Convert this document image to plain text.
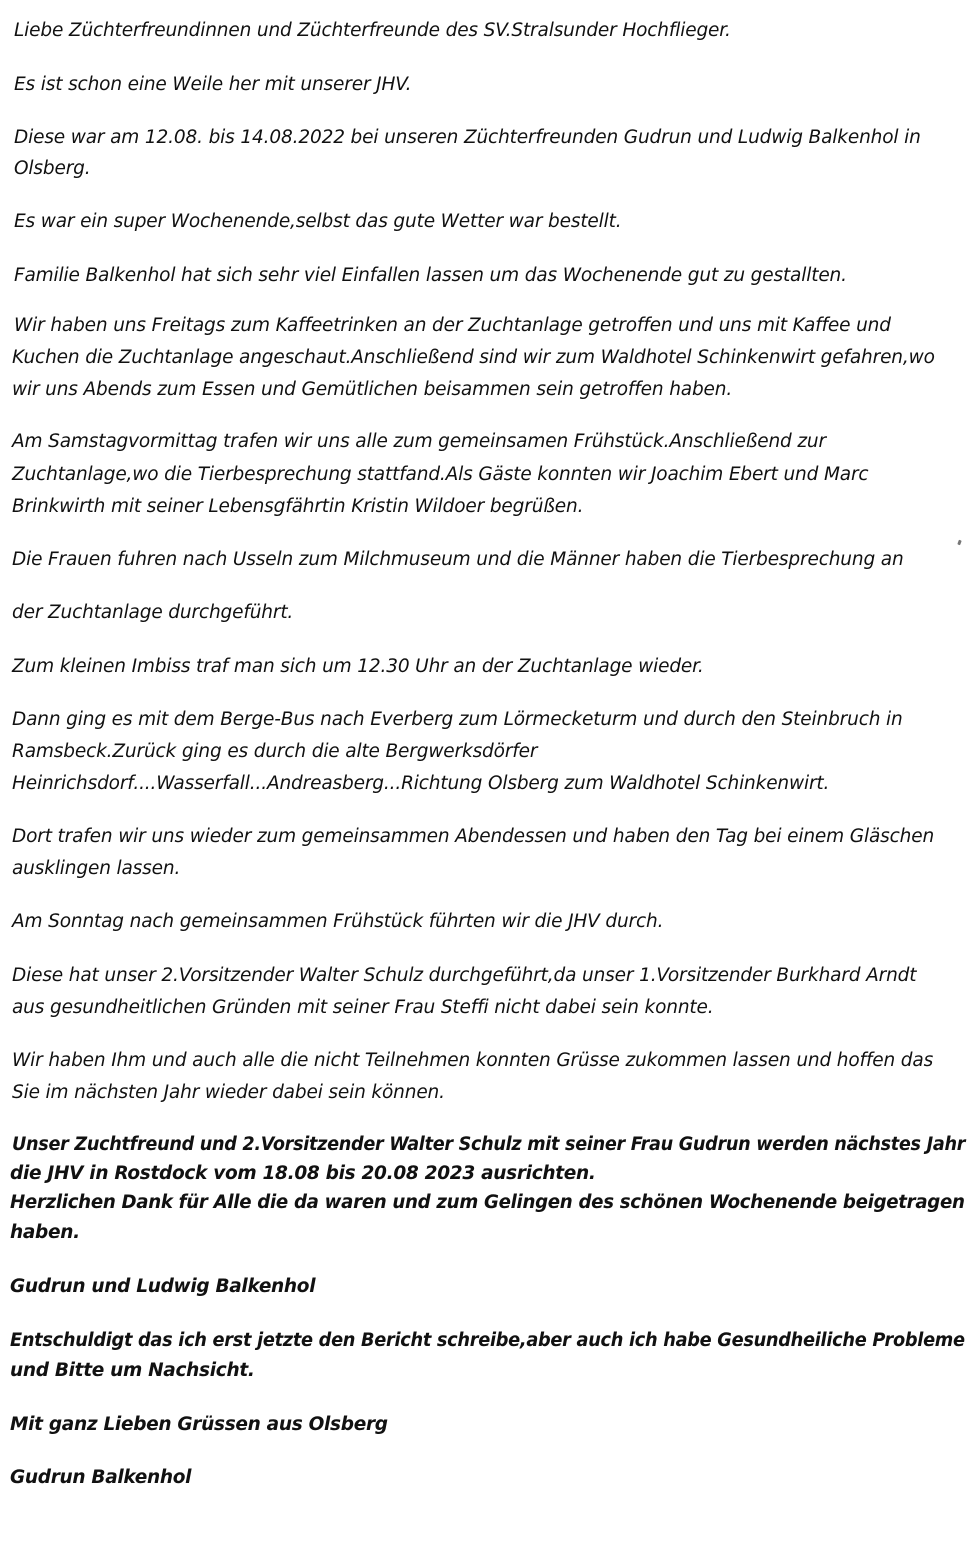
Liebe Züchterfreundinnen und Züchterfreunde des SV.Stralsunder Hochflieger.
Es ist schon eine Weile her mit unserer JHV.
Diese war am 12.08. bis 14.08.2022 bei unseren Züchterfreunden Gudrun und Ludwig Balkenhol in
Olsberg.
Es war ein super Wochenende,selbst das gute Wetter war bestellt.
Familie Balkenhol hat sich sehr viel Einfallen lassen um das Wochenende gut zu gestallten.
Wir haben uns Freitags zum Kaffeetrinken an der Zuchtanlage getroffen und uns mit Kaffee und
Kuchen die Zuchtanlage angeschaut.Anschließend sind wir zum Waldhotel Schinkenwirt gefahren,wo
wir uns Abends zum Essen und Gemütlichen beisammen sein getroffen haben.
Am Samstagvormittag trafen wir uns alle zum gemeinsamen Frühstück.Anschließend zur
Zuchtanlage,wo die Tierbesprechung stattfand.Als Gäste konnten wir Joachim Ebert und Marc
Brinkwirth mit seiner Lebensgfährtin Kristin Wildoer begrüßen.
Die Frauen fuhren nach Usseln zum Milchmuseum und die Männer haben die Tierbesprechung an
der Zuchtanlage durchgeführt.
Zum kleinen Imbiss traf man sich um 12.30 Uhr an der Zuchtanlage wieder.
Dann ging es mit dem Berge-Bus nach Everberg zum Lörmecketurm und durch den Steinbruch in
Ramsbeck.Zurück ging es durch die alte Bergwerksdörfer
Heinrichsdorf....Wasserfall...Andreasberg...Richtung Olsberg zum Waldhotel Schinkenwirt.
Dort trafen wir uns wieder zum gemeinsammen Abendessen und haben den Tag bei einem Gläschen
ausklingen lassen.
Am Sonntag nach gemeinsammen Frühstück führten wir die JHV durch.
Diese hat unser 2.Vorsitzender Walter Schulz durchgeführt,da unser 1.Vorsitzender Burkhard Arndt
aus gesundheitlichen Gründen mit seiner Frau Steffi nicht dabei sein konnte.
Wir haben Ihm und auch alle die nicht Teilnehmen konnten Grüsse zukommen lassen und hoffen das
Sie im nächsten Jahr wieder dabei sein können.
Unser Zuchtfreund und 2.Vorsitzender Walter Schulz mit seiner Frau Gudrun werden nächstes Jahr
die JHV in Rostdock vom 18.08 bis 20.08 2023 ausrichten.
Herzlichen Dank für Alle die da waren und zum Gelingen des schönen Wochenende beigetragen
haben.
Gudrun und Ludwig Balkenhol
Entschuldigt das ich erst jetzte den Bericht schreibe,aber auch ich habe Gesundheiliche Probleme
und Bitte um Nachsicht.
Mit ganz Lieben Grüssen aus Olsberg
Gudrun Balkenhol
